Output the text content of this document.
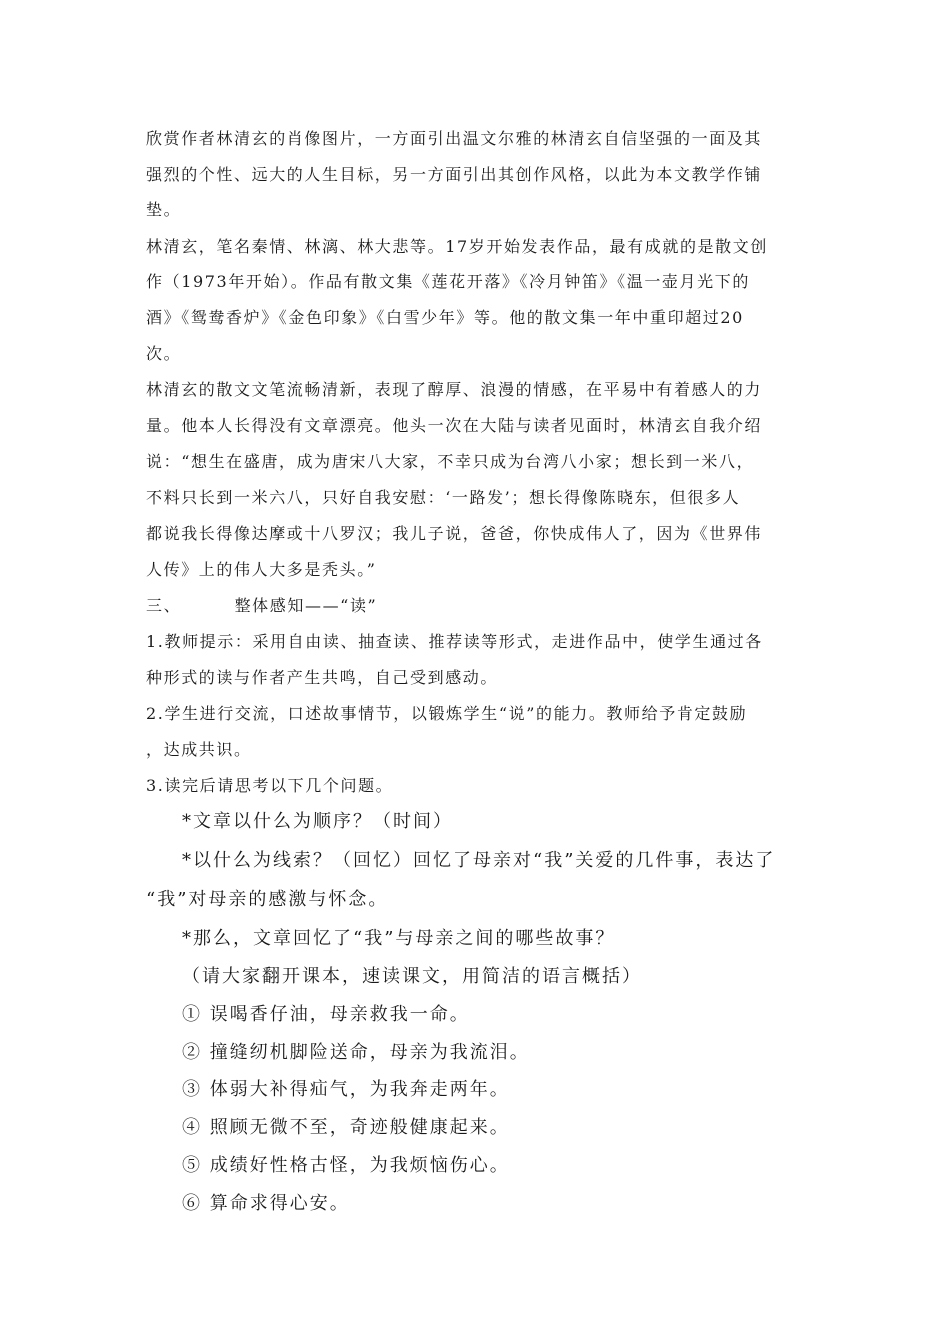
欣赏作者林清玄的肖像图片，一方面引出温文尔雅的林清玄自信坚强的一面及其
强烈的个性、远大的人生目标，另一方面引出其创作风格，以此为本文教学作铺
垫。
林清玄，笔名秦情、林漓、林大悲等。17岁开始发表作品，最有成就的是散文创
作（1973年开始）。作品有散文集《莲花开落》《冷月钟笛》《温一壶月光下的
酒》《鸳鸯香炉》《金色印象》《白雪少年》等。他的散文集一年中重印超过20
次。
林清玄的散文文笔流畅清新，表现了醇厚、浪漫的情感，在平易中有着感人的力
量。他本人长得没有文章漂亮。他头一次在大陆与读者见面时，林清玄自我介绍
说：“想生在盛唐，成为唐宋八大家，不幸只成为台湾八小家；想长到一米八，
不料只长到一米六八，只好自我安慰：‘一路发’；想长得像陈晓东，但很多人
都说我长得像达摩或十八罗汉；我儿子说，爸爸，你快成伟人了，因为《世界伟
人传》上的伟人大多是秃头。”
三、	整体感知——“读”
1.教师提示：采用自由读、抽查读、推荐读等形式，走进作品中，使学生通过各
种形式的读与作者产生共鸣，自己受到感动。
2.学生进行交流，口述故事情节，以锻炼学生“说”的能力。教师给予肯定鼓励
，达成共识。
3.读完后请思考以下几个问题。
*文章以什么为顺序？（时间）
*以什么为线索？（回忆）回忆了母亲对“我”关爱的几件事，表达了
“我”对母亲的感激与怀念。
*那么，文章回忆了“我”与母亲之间的哪些故事？
（请大家翻开课本，速读课文，用简洁的语言概括）
① 误喝香仔油，母亲救我一命。
② 撞缝纫机脚险送命，母亲为我流泪。
③ 体弱大补得疝气，为我奔走两年。
④ 照顾无微不至，奇迹般健康起来。
⑤ 成绩好性格古怪，为我烦恼伤心。
⑥ 算命求得心安。
